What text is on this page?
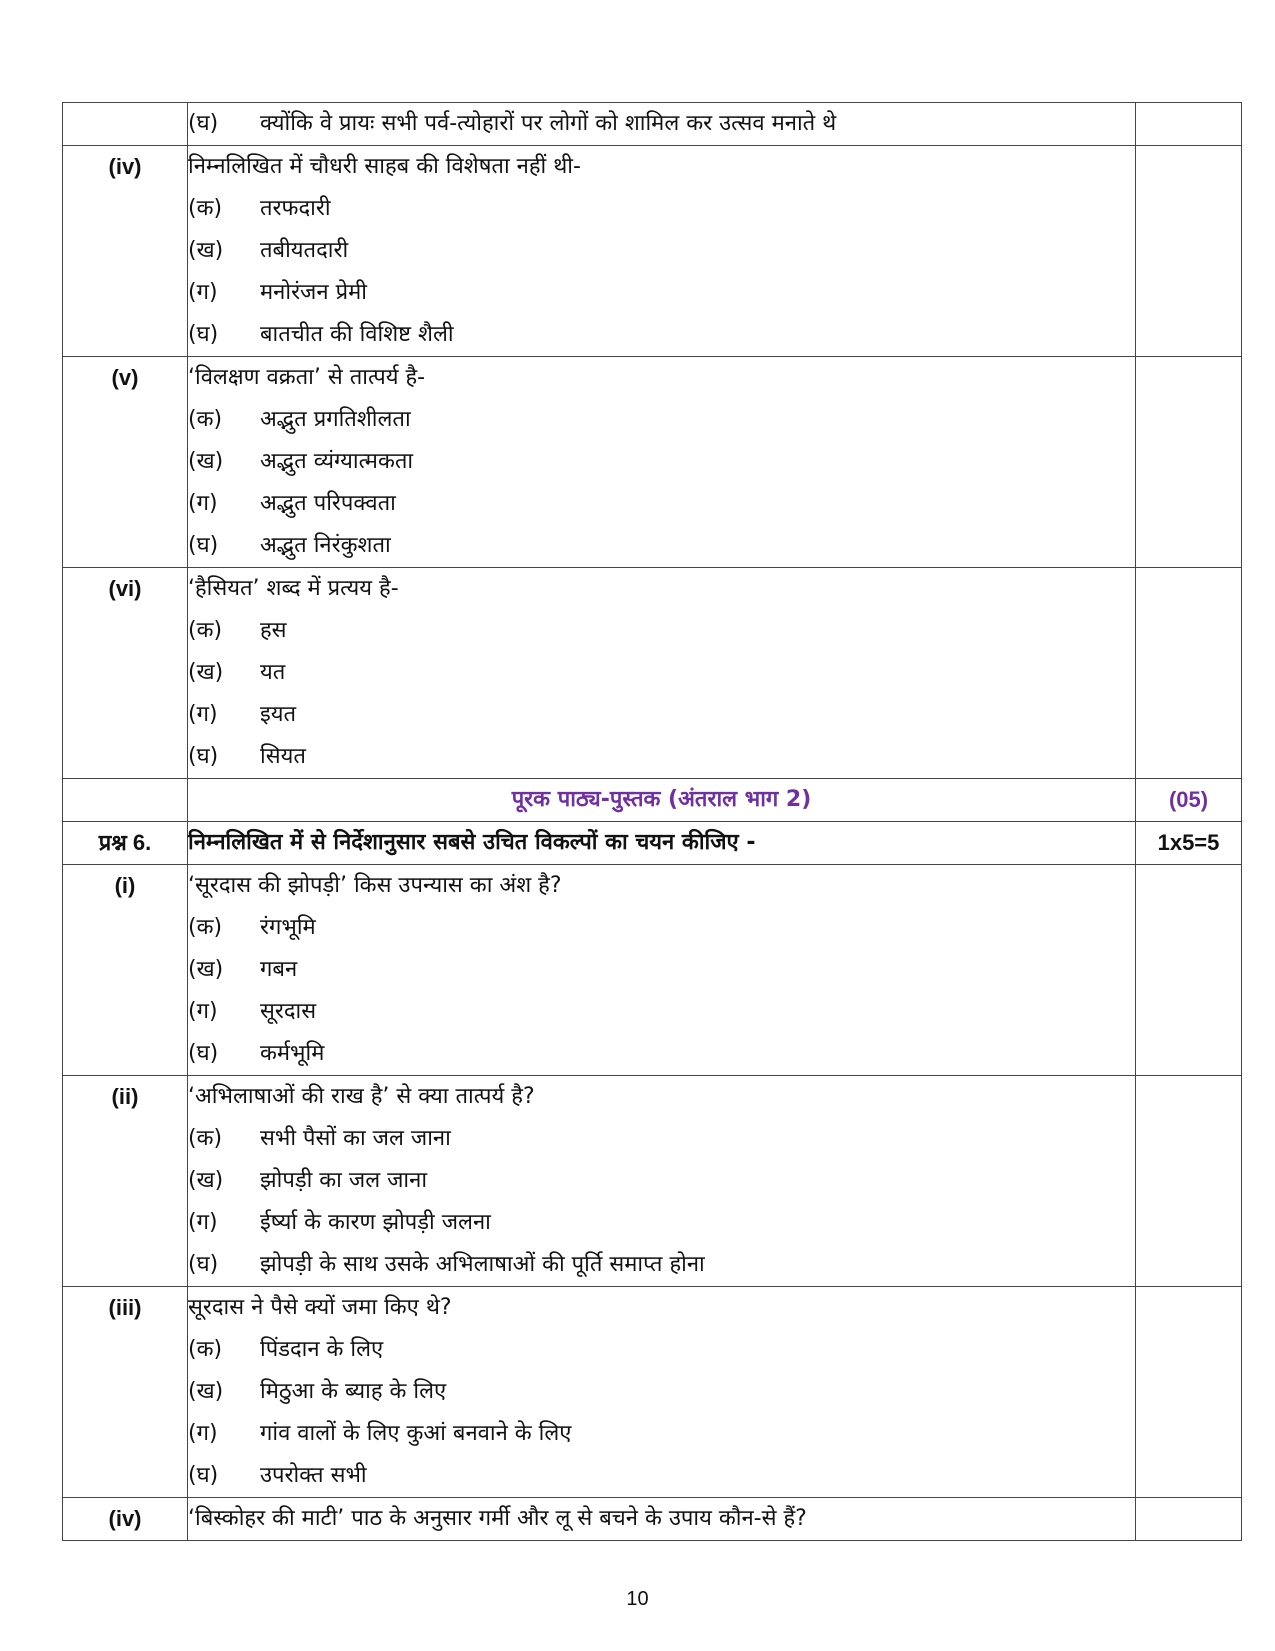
	(घ) क्योंकि वे प्रायः सभी पर्व-त्योहारों पर लोगों को शामिल कर उत्सव मनाते थे	

(iv)	निम्नलिखित में चौधरी साहब की विशेषता नहीं थी-
(क) तरफदारी
(ख) तबीयतदारी
(ग) मनोरंजन प्रेमी
(घ) बातचीत की विशिष्ट शैली	

(v)	‘विलक्षण वक्रता’ से तात्पर्य है-
(क) अद्भुत प्रगतिशीलता
(ख) अद्भुत व्यंग्यात्मकता
(ग) अद्भुत परिपक्वता
(घ) अद्भुत निरंकुशता	

(vi)	‘हैसियत’ शब्द में प्रत्यय है-
(क) हस
(ख) यत
(ग) इयत
(घ) सियत	

	पूरक पाठ्य-पुस्तक (अंतराल भाग 2)	(05)

प्रश्न 6.	निम्नलिखित में से निर्देशानुसार सबसे उचित विकल्पों का चयन कीजिए -	1x5=5

(i)	‘सूरदास की झोपड़ी’ किस उपन्यास का अंश है?
(क) रंगभूमि
(ख) गबन
(ग) सूरदास
(घ) कर्मभूमि	

(ii)	‘अभिलाषाओं की राख है’ से क्या तात्पर्य है?
(क) सभी पैसों का जल जाना
(ख) झोपड़ी का जल जाना
(ग) ईर्ष्या के कारण झोपड़ी जलना
(घ) झोपड़ी के साथ उसके अभिलाषाओं की पूर्ति समाप्त होना	

(iii)	सूरदास ने पैसे क्यों जमा किए थे?
(क) पिंडदान के लिए
(ख) मिठुआ के ब्याह के लिए
(ग) गांव वालों के लिए कुआं बनवाने के लिए
(घ) उपरोक्त सभी	

(iv)	‘बिस्कोहर की माटी’ पाठ के अनुसार गर्मी और लू से बचने के उपाय कौन-से हैं?	

10
